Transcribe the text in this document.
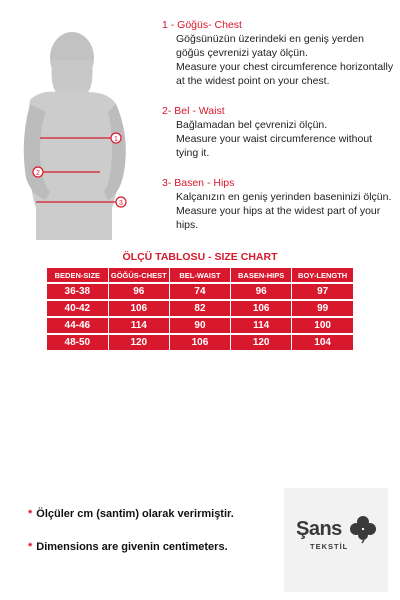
1
2
3
1 - Göğüs- Chest
Göğsünüzün üzerindeki en geniş yerden göğüs çevrenizi yatay ölçün.
Measure your chest circumference horizontally at the widest point on your chest.
2- Bel - Waist
Bağlamadan bel çevrenizi ölçün.
Measure your waist circumference without tying it.
3- Basen - Hips
Kalçanızın en geniş yerinden baseninizi ölçün.
Measure your hips at the widest part of your hips.
ÖLÇÜ TABLOSU - SIZE CHART
BEDEN-SIZE	GÖĞÜS-CHEST	BEL-WAIST	BASEN-HIPS	BOY-LENGTH
36-38	96	74	96	97
40-42	106	82	106	99
44-46	114	90	114	100
48-50	120	106	120	104
* Ölçüler cm (santim) olarak verirmiştir.
* Dimensions are givenin centimeters.
Şans
TEKSTİL
